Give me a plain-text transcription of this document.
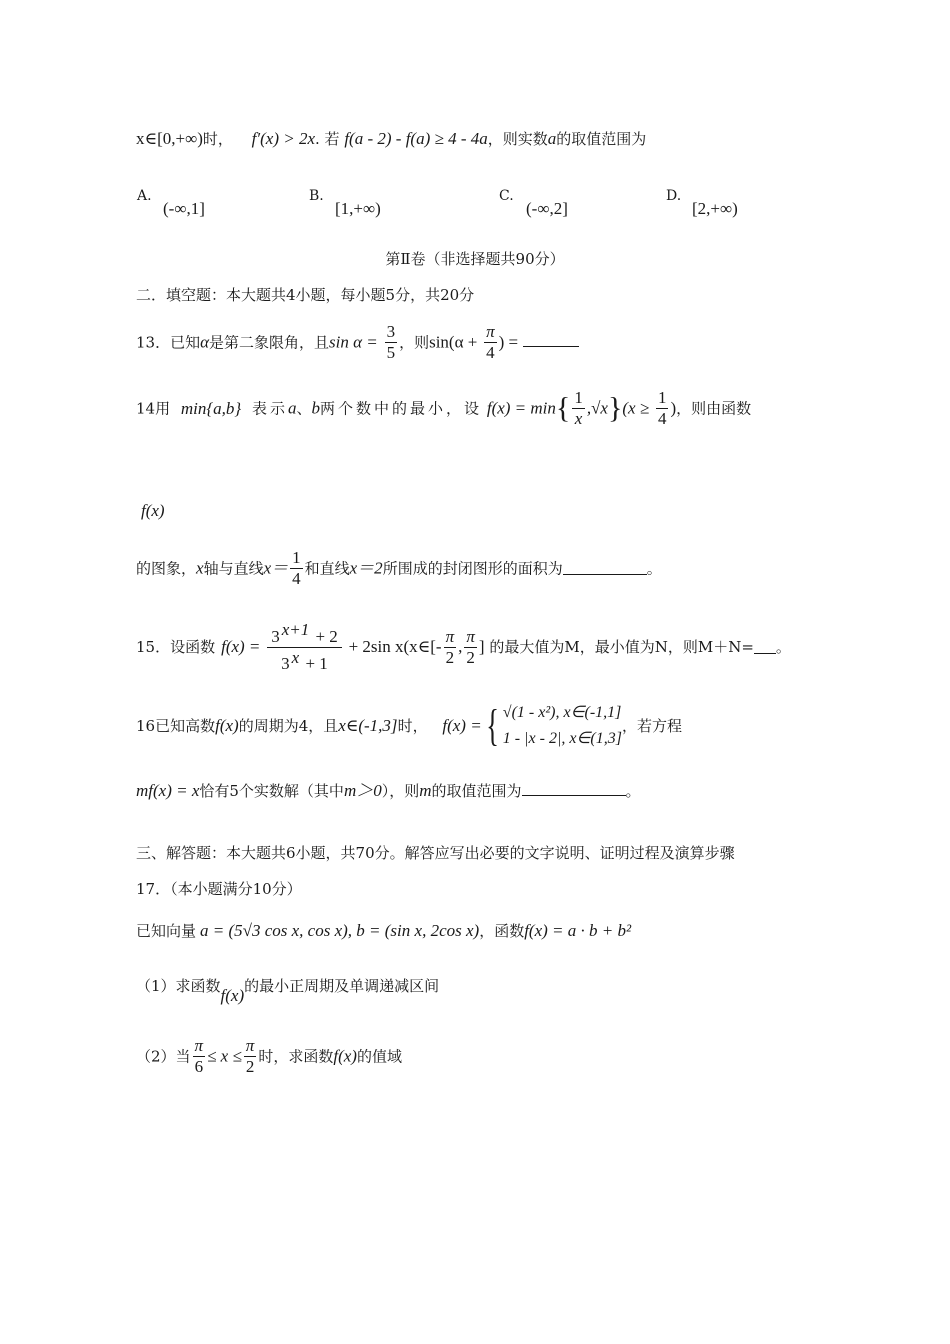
x∈[0,+∞)时， f′(x) > 2x. 若 f(a - 2) - f(a) ≥ 4 - 4a，则实数a的取值范围为
A.
(-∞,1]
B.
[1,+∞)
C.
(-∞,2]
D.
[2,+∞)
第Ⅱ卷（非选择题共90分）
二．填空题：本大题共4小题，每小题5分，共20分
13．已知α是第二象限角，且$\sin \alpha = \frac{3}{5}$ ，则$\sin(\alpha + \frac{\pi}{4}$ ) =
14用 min{a,b} 表示a、b两个数中的最小，设 $f(x) = \min\{ \frac{1}{x} ,√x\}(x \ge \frac{1}{4}$ )，则由函数
f(x)
的图象，x轴与直线$x= \frac{1}{4}$ 和直线x＝2所围成的封闭图形的面积为	。
15．设函数 $f(x) = \frac{3 ^{x+1} + 2}{3 ^x + 1} + 2\sin$ x(x∈[- $\frac{\pi}{2}$ , $\frac{\pi}{2}$ ] 的最大值为M，最小值为N，则M＋N= 。
16已知高数f(x)的周期为4，且x∈(-1,3]时， f(x) ={ √(1 - x²), x∈(-1,1]
1 - |x - 2|, x∈(1,3]
，若方程
mf(x) = x恰有5个实数解（其中m＞0），则m的取值范围为	。
三、解答题：本大题共6小题，共70分。解答应写出必要的文字说明、证明过程及演算步骤
17．（本小题满分10分）
已知向量 a = (5√3 cos x, cos x), b = (sin x, 2cos x)，函数f(x) = a · b + b²
（1）求函数f(x)的最小正周期及单调递减区间
（2）当 $\frac{\pi}{6} \le x \le \frac{\pi}{2}$ 时，求函数f(x)的值域
